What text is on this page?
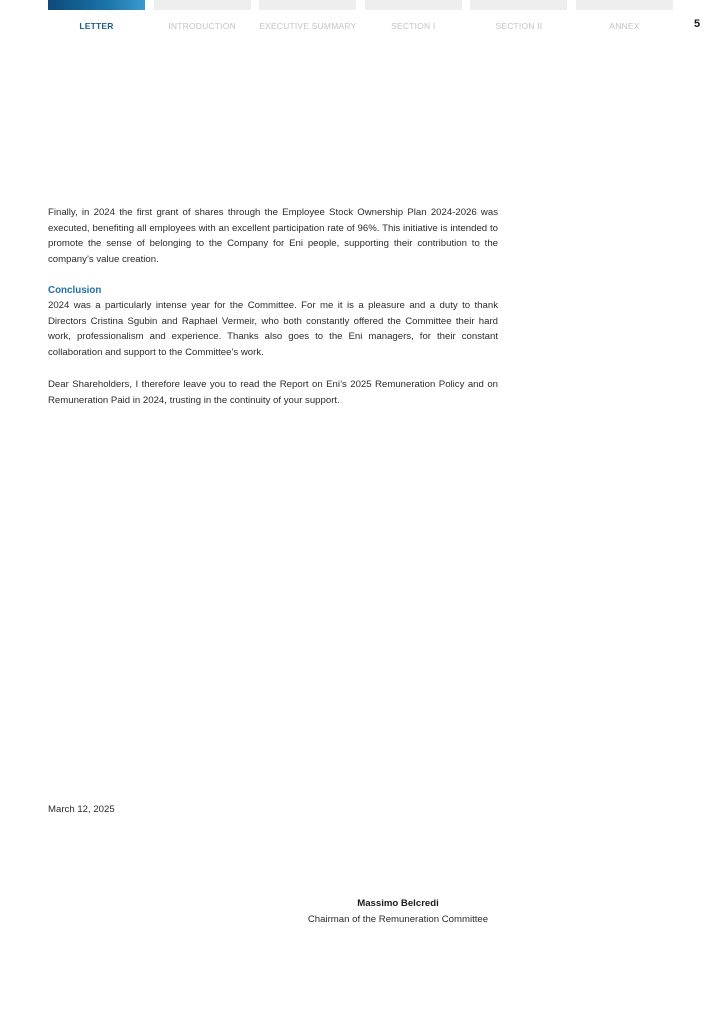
LETTER	INTRODUCTION	EXECUTIVE SUMMARY	SECTION I	SECTION II	ANNEX	5

Finally, in 2024 the first grant of shares through the Employee Stock Ownership Plan 2024-2026 was executed, benefiting all employees with an excellent participation rate of 96%. This initiative is intended to promote the sense of belonging to the Company for Eni people, supporting their contribution to the company’s value creation.

Conclusion

2024 was a particularly intense year for the Committee. For me it is a pleasure and a duty to thank Directors Cristina Sgubin and Raphael Vermeir, who both constantly offered the Committee their hard work, professionalism and experience. Thanks also goes to the Eni managers, for their constant collaboration and support to the Committee’s work.

Dear Shareholders, I therefore leave you to read the Report on Eni’s 2025 Remuneration Policy and on Remuneration Paid in 2024, trusting in the continuity of your support.

March 12, 2025
Massimo Belcredi
Chairman of the Remuneration Committee
